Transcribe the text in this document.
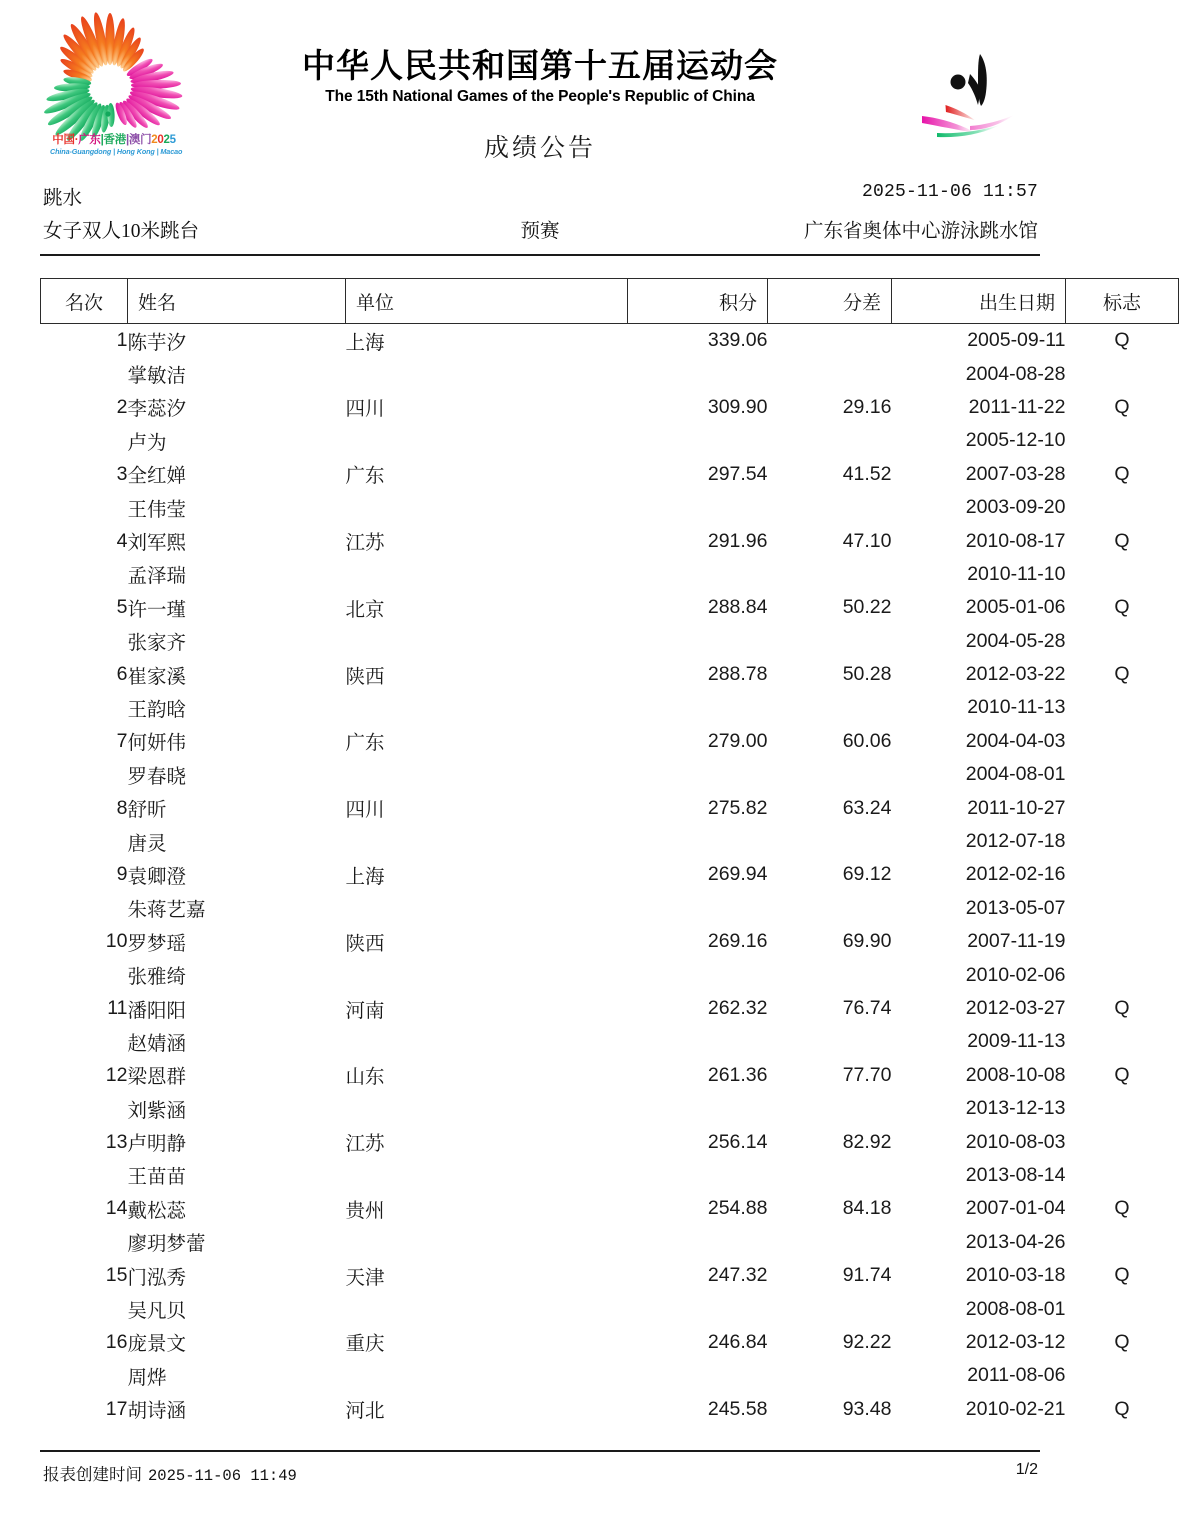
中国·广东|香港|澳门2025
China-Guangdong | Hong Kong | Macao
中华人民共和国第十五届运动会
The 15th National Games of the People's Republic of China
成绩公告
跳水	2025-11-06 11:57
女子双人10米跳台	预赛	广东省奥体中心游泳跳水馆
名次	姓名	单位	积分	分差	出生日期	标志
1	陈芋汐	上海	339.06		2005-09-11	Q
	掌敏洁				2004-08-28	
2	李蕊汐	四川	309.90	29.16	2011-11-22	Q
	卢为				2005-12-10	
3	全红婵	广东	297.54	41.52	2007-03-28	Q
	王伟莹				2003-09-20	
4	刘军熙	江苏	291.96	47.10	2010-08-17	Q
	孟泽瑞				2010-11-10	
5	许一瑾	北京	288.84	50.22	2005-01-06	Q
	张家齐				2004-05-28	
6	崔家溪	陕西	288.78	50.28	2012-03-22	Q
	王韵晗				2010-11-13	
7	何妍伟	广东	279.00	60.06	2004-04-03	
	罗春晓				2004-08-01	
8	舒昕	四川	275.82	63.24	2011-10-27	
	唐灵				2012-07-18	
9	袁卿澄	上海	269.94	69.12	2012-02-16	
	朱蒋艺嘉				2013-05-07	
10	罗梦瑶	陕西	269.16	69.90	2007-11-19	
	张雅绮				2010-02-06	
11	潘阳阳	河南	262.32	76.74	2012-03-27	Q
	赵婧涵				2009-11-13	
12	梁恩群	山东	261.36	77.70	2008-10-08	Q
	刘紫涵				2013-12-13	
13	卢明静	江苏	256.14	82.92	2010-08-03	
	王苗苗				2013-08-14	
14	戴松蕊	贵州	254.88	84.18	2007-01-04	Q
	廖玥梦蕾				2013-04-26	
15	门泓秀	天津	247.32	91.74	2010-03-18	Q
	吴凡贝				2008-08-01	
16	庞景文	重庆	246.84	92.22	2012-03-12	Q
	周烨				2011-08-06	
17	胡诗涵	河北	245.58	93.48	2010-02-21	Q
报表创建时间 2025-11-06 11:49	1/2
